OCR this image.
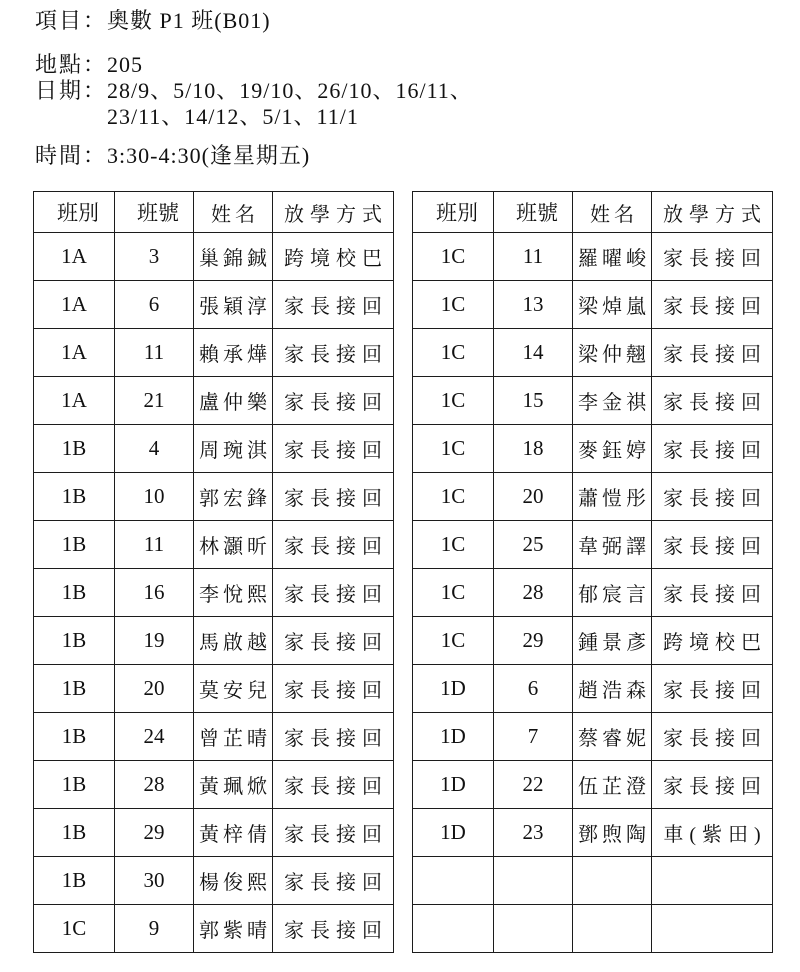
項目： 奧數 P1 班(B01)
地點： 205
日期： 28/9、5/10、19/10、26/10、16/11、
23/11、14/12、5/1、11/1
時間： 3:30-4:30(逢星期五)
班別	班號	姓名	放學方式
1A	3	巢錦鋮	跨境校巴
1A	6	張穎淳	家長接回
1A	11	賴承燁	家長接回
1A	21	盧仲樂	家長接回
1B	4	周琬淇	家長接回
1B	10	郭宏鋒	家長接回
1B	11	林灝昕	家長接回
1B	16	李悅熙	家長接回
1B	19	馬啟越	家長接回
1B	20	莫安兒	家長接回
1B	24	曾芷晴	家長接回
1B	28	黃珮焮	家長接回
1B	29	黃梓倩	家長接回
1B	30	楊俊熙	家長接回
1C	9	郭紫晴	家長接回
班別	班號	姓名	放學方式
1C	11	羅曜峻	家長接回
1C	13	梁焯嵐	家長接回
1C	14	梁仲翹	家長接回
1C	15	李金祺	家長接回
1C	18	麥鈺婷	家長接回
1C	20	蕭愷彤	家長接回
1C	25	韋弼譯	家長接回
1C	28	郁宸言	家長接回
1C	29	鍾景彥	跨境校巴
1D	6	趙浩森	家長接回
1D	7	蔡睿妮	家長接回
1D	22	伍芷澄	家長接回
1D	23	鄧煦陶	車(紫田)
